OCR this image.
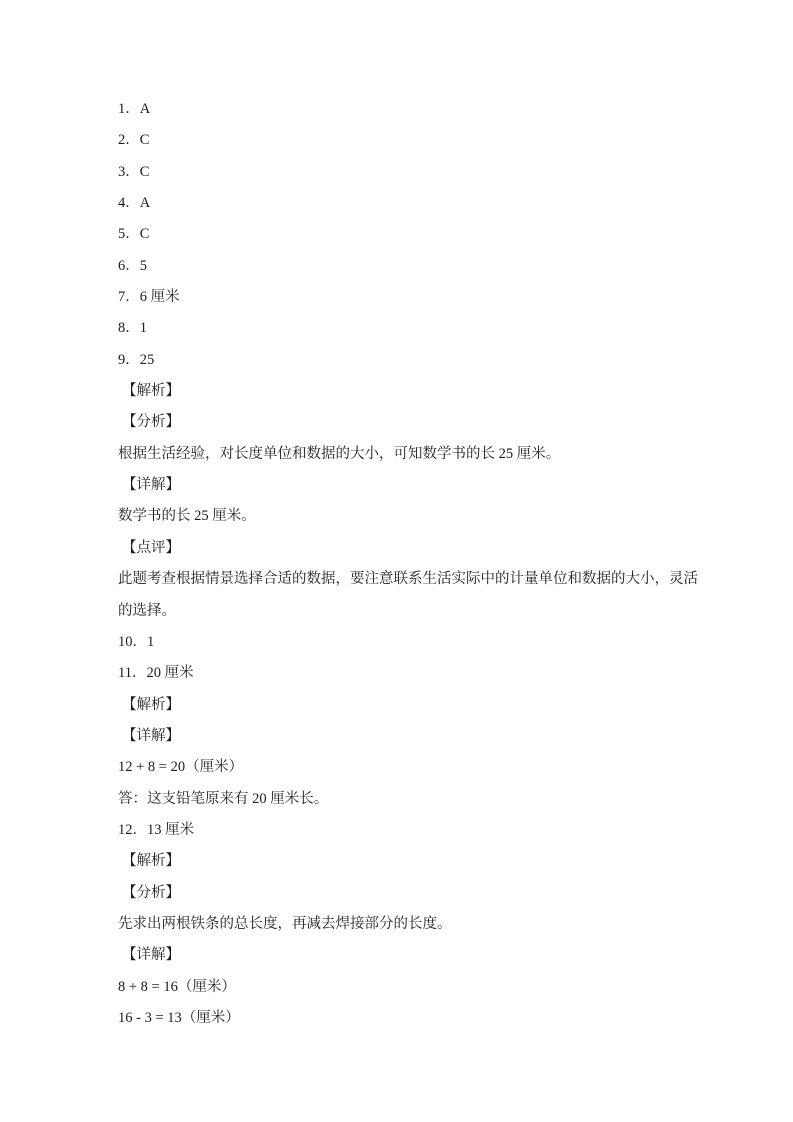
1．A
2．C
3．C
4．A
5．C
6．5
7．6 厘米
8．1
9．25
【解析】
【分析】
根据生活经验，对长度单位和数据的大小，可知数学书的长 25 厘米。
【详解】
数学书的长 25 厘米。
【点评】
此题考查根据情景选择合适的数据，要注意联系生活实际中的计量单位和数据的大小，灵活
的选择。
10．1
11．20 厘米
【解析】
【详解】
12 + 8 = 20（厘米）
答：这支铅笔原来有 20 厘米长。
12．13 厘米
【解析】
【分析】
先求出两根铁条的总长度，再减去焊接部分的长度。
【详解】
8 + 8 = 16（厘米）
16 - 3 = 13（厘米）
